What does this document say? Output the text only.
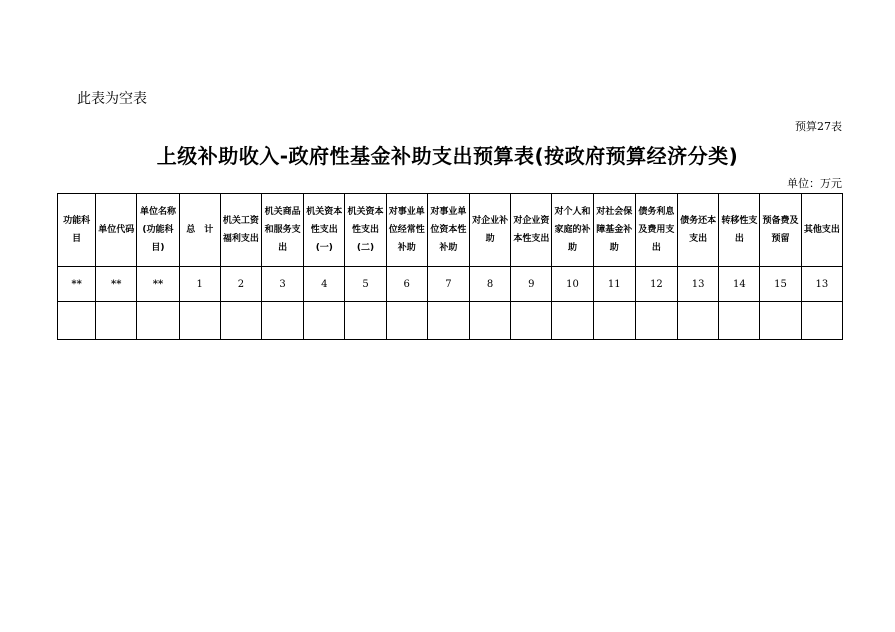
此表为空表
预算27表
上级补助收入-政府性基金补助支出预算表(按政府预算经济分类)
单位：万元
功能科目	单位代码	单位名称(功能科目)	总　计	机关工资福利支出	机关商品和服务支出	机关资本性支出(一)	机关资本性支出(二)	对事业单位经常性补助	对事业单位资本性补助	对企业补助	对企业资本性支出	对个人和家庭的补助	对社会保障基金补助	债务利息及费用支出	债务还本支出	转移性支出	预备费及预留	其他支出
**	**	**	1	2	3	4	5	6	7	8	9	10	11	12	13	14	15	13
